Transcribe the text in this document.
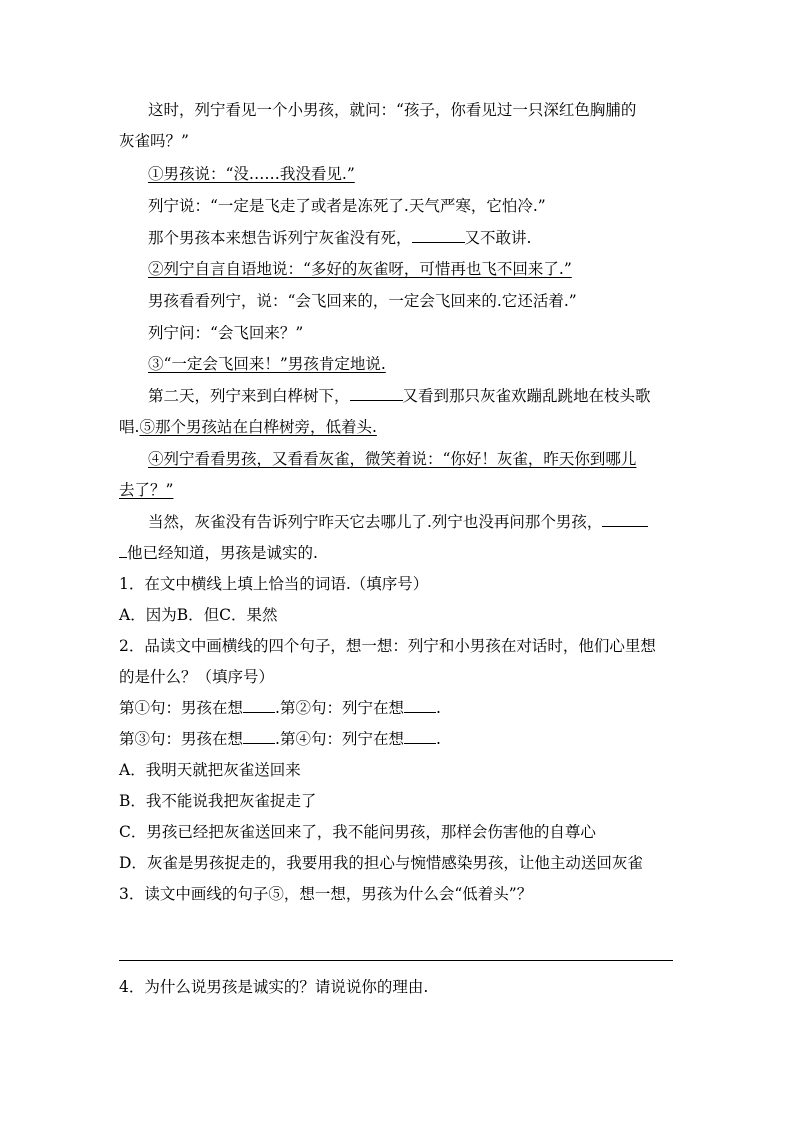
这时，列宁看见一个小男孩，就问：“孩子，你看见过一只深红色胸脯的
灰雀吗？”
①男孩说：“没……我没看见.”
列宁说：“一定是飞走了或者是冻死了.天气严寒，它怕冷.”
那个男孩本来想告诉列宁灰雀没有死，	又不敢讲.
②列宁自言自语地说：“多好的灰雀呀，可惜再也飞不回来了.”
男孩看看列宁，说：“会飞回来的，一定会飞回来的.它还活着.”
列宁问：“会飞回来？”
③“一定会飞回来！”男孩肯定地说.
第二天，列宁来到白桦树下，	又看到那只灰雀欢蹦乱跳地在枝头歌
唱.⑤那个男孩站在白桦树旁，低着头.
④列宁看看男孩，又看看灰雀，微笑着说：“你好！灰雀，昨天你到哪儿
去了？”
当然，灰雀没有告诉列宁昨天它去哪儿了.列宁也没再问那个男孩，
他已经知道，男孩是诚实的.
1．在文中横线上填上恰当的词语.（填序号）
A．因为B．但C．果然
2．品读文中画横线的四个句子，想一想：列宁和小男孩在对话时，他们心里想
的是什么？（填序号）
第①句：男孩在想 .第②句：列宁在想 .
第③句：男孩在想 .第④句：列宁在想 .
A．我明天就把灰雀送回来
B．我不能说我把灰雀捉走了
C．男孩已经把灰雀送回来了，我不能问男孩，那样会伤害他的自尊心
D．灰雀是男孩捉走的，我要用我的担心与惋惜感染男孩，让他主动送回灰雀
3．读文中画线的句子⑤，想一想，男孩为什么会“低着头”？
4．为什么说男孩是诚实的？请说说你的理由.
